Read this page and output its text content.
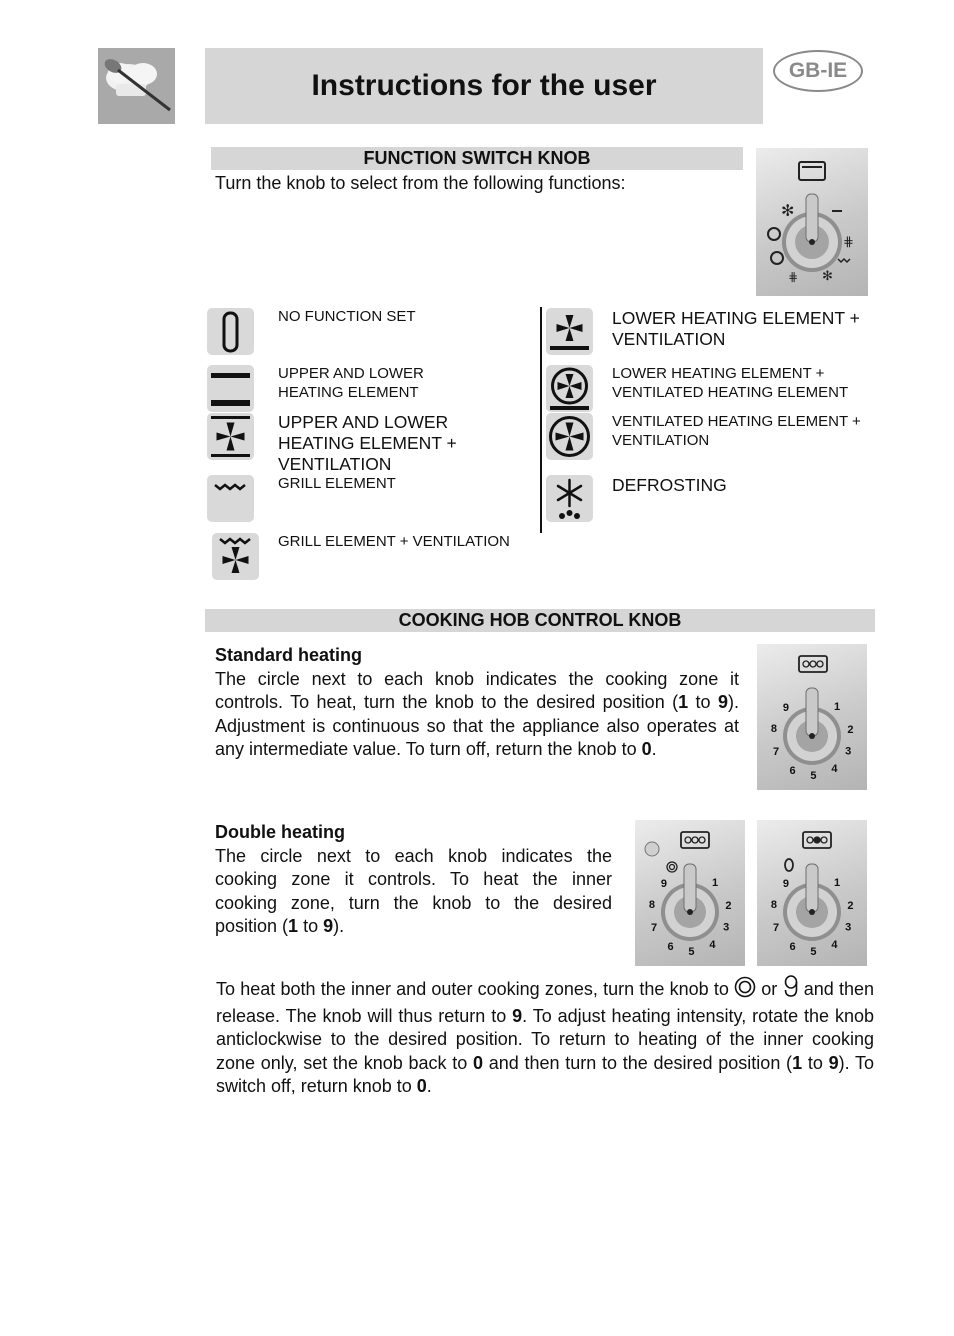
Instructions for the user	GB-IE
FUNCTION SWITCH KNOB
Turn the knob to select from the following functions:
✻
⋕
⋕ ✻
NO FUNCTION SET
UPPER AND LOWER HEATING ELEMENT
UPPER AND LOWER HEATING ELEMENT + VENTILATION
GRILL ELEMENT
GRILL ELEMENT + VENTILATION
LOWER HEATING ELEMENT + VENTILATION
LOWER HEATING ELEMENT + VENTILATED HEATING ELEMENT
VENTILATED HEATING ELEMENT + VENTILATION
DEFROSTING
COOKING HOB CONTROL KNOB
Standard heating
The circle next to each knob indicates the cooking zone it controls. To heat, turn the knob to the desired position (1 to 9). Adjustment is continuous so that the appliance also operates at any intermediate value. To turn off, return the knob to 0.
Double heating
The circle next to each knob indicates the cooking zone it controls. To heat the inner cooking zone, turn the knob to the desired position (1 to 9).
To heat both the inner and outer cooking zones, turn the knob to  or  and then release. The knob will thus return to 9. To adjust heating intensity, rotate the knob anticlockwise to the desired position. To return to heating of the inner cooking zone only, set the knob back to 0 and then turn to the desired position (1 to 9). To switch off, return knob to 0.
1
2
3
4
5
6
7
8
9
1
2
3
4
5
6
7
8
9	1
2
3
4
5
6
7
8
9
